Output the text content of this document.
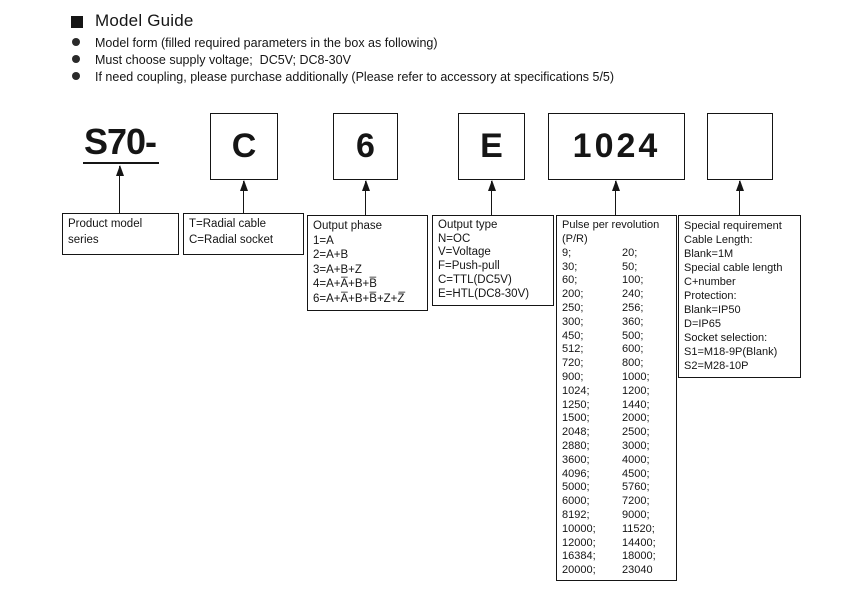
Model Guide
Model form (filled required parameters in the box as following)
Must choose supply voltage;  DC5V; DC8-30V
If need coupling, please purchase additionally (Please refer to accessory at specifications 5/5)
S70-	C	6	E	1024
Product model
series
T=Radial cable
C=Radial socket
Output phase
1=A
2=A+B
3=A+B+Z
4=A+A̅+B+B̅
6=A+A̅+B+B̅+Z+Z̅
Output type
N=OC
V=Voltage
F=Push-pull
C=TTL(DC5V)
E=HTL(DC8-30V)
Pulse per revolution
(P/R)
9;	20;
30;	50;
60;	100;
200;	240;
250;	256;
300;	360;
450;	500;
512;	600;
720;	800;
900;	1000;
1024;	1200;
1250;	1440;
1500;	2000;
2048;	2500;
2880;	3000;
3600;	4000;
4096;	4500;
5000;	5760;
6000;	7200;
8192;	9000;
10000;	11520;
12000;	14400;
16384;	18000;
20000;	23040
Special requirement
Cable Length:
Blank=1M
Special cable length
C+number
Protection:
Blank=IP50
D=IP65
Socket selection:
S1=M18-9P(Blank)
S2=M28-10P
